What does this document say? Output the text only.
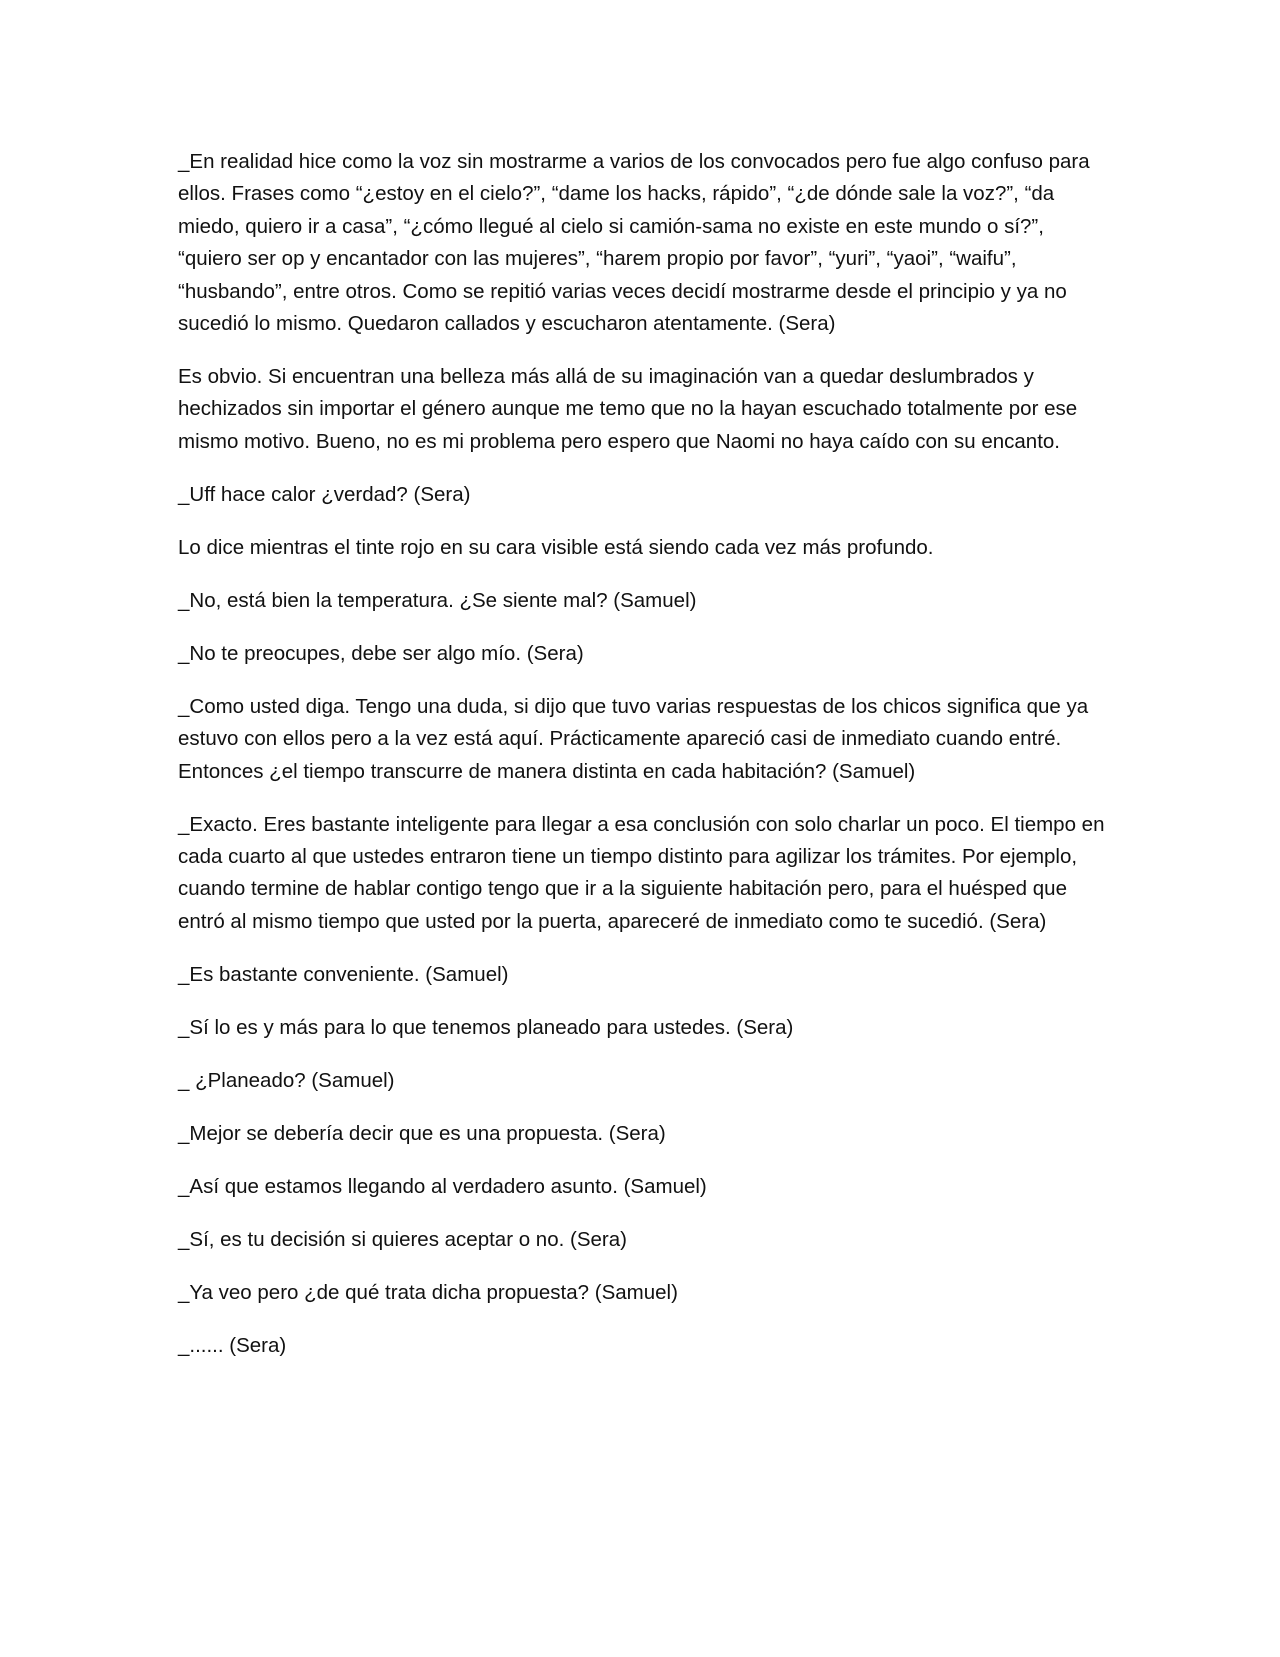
_En realidad hice como la voz sin mostrarme a varios de los convocados pero fue algo confuso para ellos. Frases como “¿estoy en el cielo?”, “dame los hacks, rápido”, “¿de dónde sale la voz?”, “da miedo, quiero ir a casa”, “¿cómo llegué al cielo si camión-sama no existe en este mundo o sí?”, “quiero ser op y encantador con las mujeres”, “harem propio por favor”, “yuri”, “yaoi”, “waifu”, “husbando”, entre otros. Como se repitió varias veces decidí mostrarme desde el principio y ya no sucedió lo mismo. Quedaron callados y escucharon atentamente. (Sera)

Es obvio. Si encuentran una belleza más allá de su imaginación van a quedar deslumbrados y hechizados sin importar el género aunque me temo que no la hayan escuchado totalmente por ese mismo motivo. Bueno, no es mi problema pero espero que Naomi no haya caído con su encanto.

_Uff hace calor ¿verdad? (Sera)

Lo dice mientras el tinte rojo en su cara visible está siendo cada vez más profundo.

_No, está bien la temperatura. ¿Se siente mal? (Samuel)

_No te preocupes, debe ser algo mío. (Sera)

_Como usted diga. Tengo una duda, si dijo que tuvo varias respuestas de los chicos significa que ya estuvo con ellos pero a la vez está aquí. Prácticamente apareció casi de inmediato cuando entré. Entonces ¿el tiempo transcurre de manera distinta en cada habitación? (Samuel)

_Exacto. Eres bastante inteligente para llegar a esa conclusión con solo charlar un poco. El tiempo en cada cuarto al que ustedes entraron tiene un tiempo distinto para agilizar los trámites. Por ejemplo, cuando termine de hablar contigo tengo que ir a la siguiente habitación pero, para el huésped que entró al mismo tiempo que usted por la puerta, apareceré de inmediato como te sucedió. (Sera)

_Es bastante conveniente. (Samuel)

_Sí lo es y más para lo que tenemos planeado para ustedes. (Sera)

_ ¿Planeado? (Samuel)

_Mejor se debería decir que es una propuesta. (Sera)

_Así que estamos llegando al verdadero asunto. (Samuel)

_Sí, es tu decisión si quieres aceptar o no. (Sera)

_Ya veo pero ¿de qué trata dicha propuesta? (Samuel)

_...... (Sera)
